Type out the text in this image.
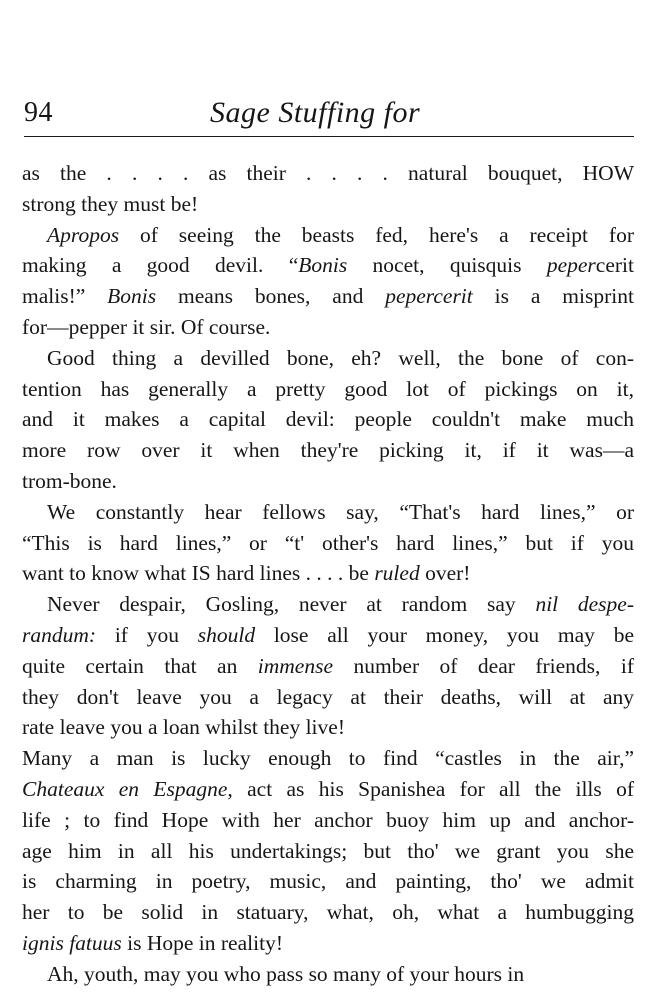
94	Sage Stuffing for
as the . . . . as their . . . . natural bouquet, HOW
strong they must be!
Apropos of seeing the beasts fed, here's a receipt for
making a good devil. “Bonis nocet, quisquis pepercerit
malis!” Bonis means bones, and pepercerit is a misprint
for—pepper it sir. Of course.
Good thing a devilled bone, eh? well, the bone of con-
tention has generally a pretty good lot of pickings on it,
and it makes a capital devil: people couldn't make much
more row over it when they're picking it, if it was—a
trom-bone.
We constantly hear fellows say, “That's hard lines,” or
“This is hard lines,” or “t' other's hard lines,” but if you
want to know what IS hard lines . . . . be ruled over!
Never despair, Gosling, never at random say nil despe-
randum: if you should lose all your money, you may be
quite certain that an immense number of dear friends, if
they don't leave you a legacy at their deaths, will at any
rate leave you a loan whilst they live!
Many a man is lucky enough to find “castles in the air,”
Chateaux en Espagne, act as his Spanishea for all the ills of
life ; to find Hope with her anchor buoy him up and anchor-
age him in all his undertakings; but tho' we grant you she
is charming in poetry, music, and painting, tho' we admit
her to be solid in statuary, what, oh, what a humbugging
ignis fatuus is Hope in reality!
Ah, youth, may you who pass so many of your hours in
